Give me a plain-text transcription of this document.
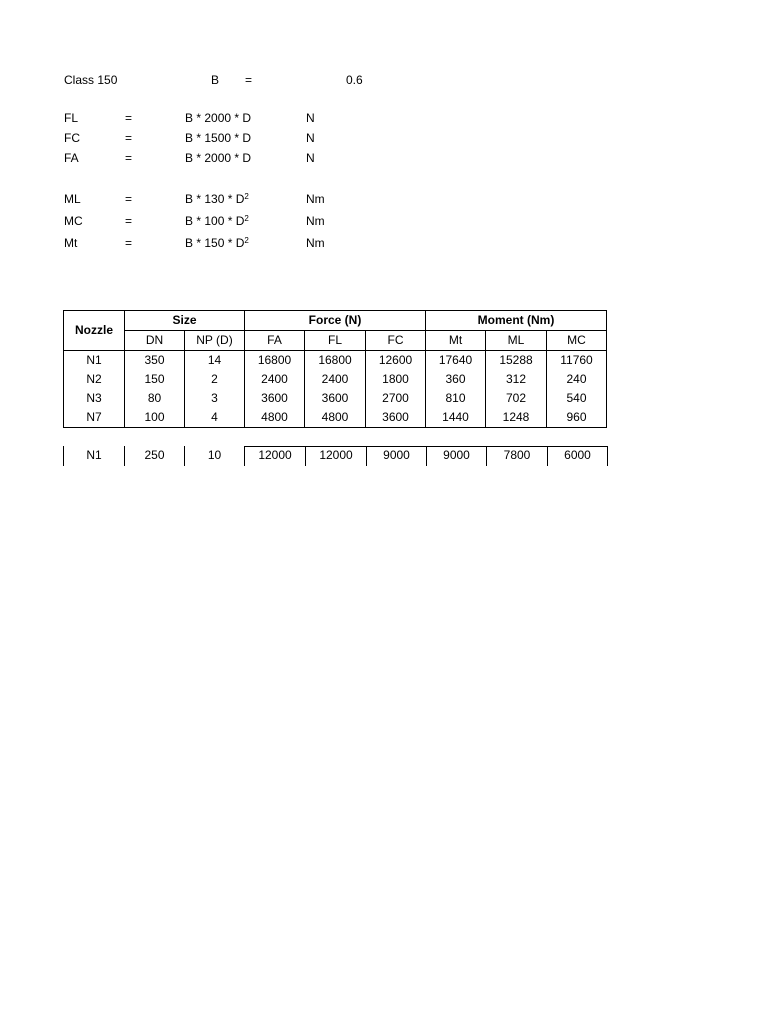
Class 150	B =	0.6
FL	=	B * 2000 * D	N
FC	=	B * 1500 * D	N
FA	=	B * 2000 * D	N
ML	=	B * $130 * D^2$	Nm
MC	=	B * $100 * D^2$	Nm
Mt	=	B * $150 * D^2$	Nm
Nozzle	Size		Force (N)			Moment (Nm)		
	DN	NP (D)	FA	FL	FC	Mt	ML	MC
N1	350	14	16800	16800	12600	17640	15288	11760
N2	150	2	2400	2400	1800	360	312	240
N3	80	3	3600	3600	2700	810	702	540
N7	100	4	4800	4800	3600	1440	1248	960
N1	250	10	12000	12000	9000	9000	7800	6000
